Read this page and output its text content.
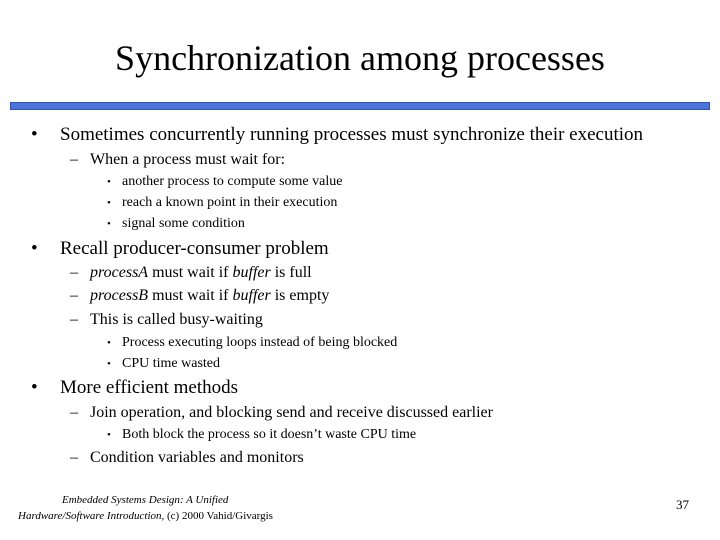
Synchronization among processes
• Sometimes concurrently running processes must synchronize their execution
– When a process must wait for:
• another process to compute some value
• reach a known point in their execution
• signal some condition
• Recall producer-consumer problem
– processA must wait if buffer is full
– processB must wait if buffer is empty
– This is called busy-waiting
• Process executing loops instead of being blocked
• CPU time wasted
• More efficient methods
– Join operation, and blocking send and receive discussed earlier
• Both block the process so it doesn’t waste CPU time
– Condition variables and monitors
Embedded Systems Design: A Unified
Hardware/Software Introduction, (c) 2000 Vahid/Givargis
37
